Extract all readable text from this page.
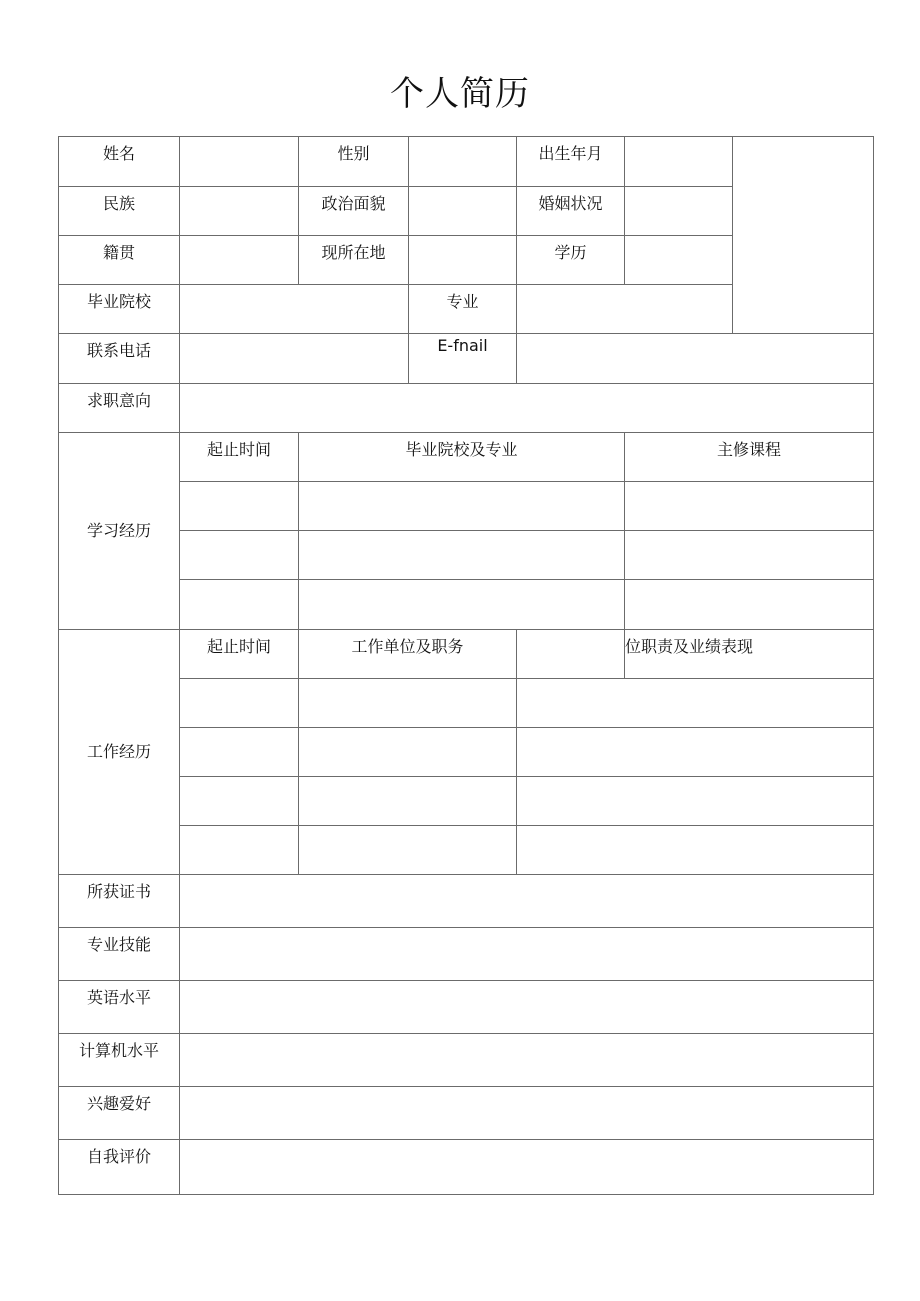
个人简历
姓名		性别		出生年月		

民族		政治面貌		婚姻状况		

籍贯		现所在地		学历		

毕业院校			专业			

联系电话			E-fnail			

求职意向						

学习经历	起止时间	毕业院校及专业			主修课程	

工作经历	起止时间	工作单位及职务			位职责及业绩表现	

所获证书						

专业技能						

英语水平						

计算机水平						

兴趣爱好						

自我评价						
